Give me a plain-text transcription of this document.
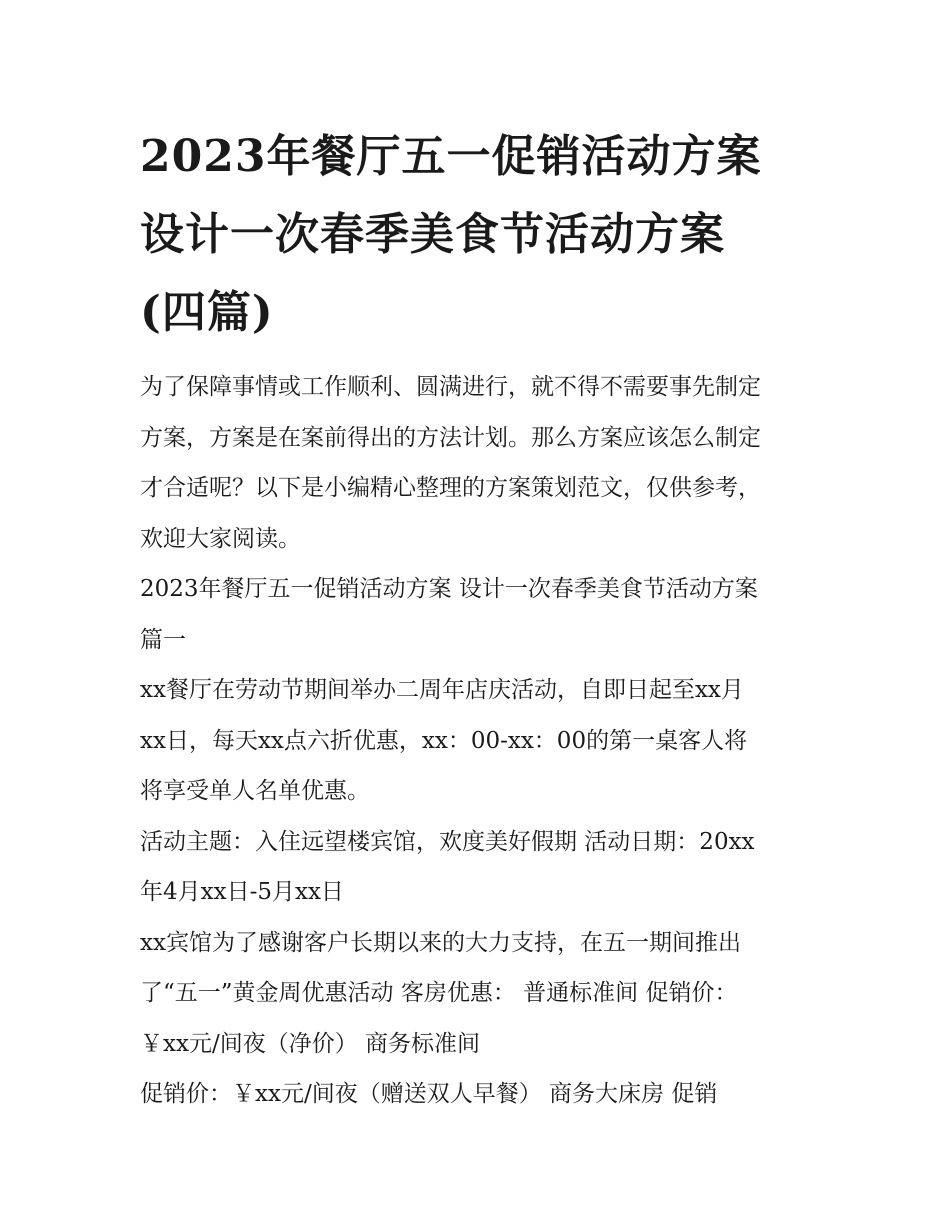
2023年餐厅五一促销活动方案
设计一次春季美食节活动方案
(四篇)
为了保障事情或工作顺利、圆满进行，就不得不需要事先制定
方案，方案是在案前得出的方法计划。那么方案应该怎么制定
才合适呢？以下是小编精心整理的方案策划范文，仅供参考，
欢迎大家阅读。
2023年餐厅五一促销活动方案 设计一次春季美食节活动方案
篇一
xx餐厅在劳动节期间举办二周年店庆活动，自即日起至xx月
xx日，每天xx点六折优惠，xx：00-xx：00的第一桌客人将
将享受单人名单优惠。
活动主题：入住远望楼宾馆，欢度美好假期 活动日期：20xx
年4月xx日-5月xx日
xx宾馆为了感谢客户长期以来的大力支持，在五一期间推出
了“五一”黄金周优惠活动 客房优惠： 普通标准间 促销价：
￥xx元/间夜（净价） 商务标准间
促销价：￥xx元/间夜（赠送双人早餐） 商务大床房 促销
